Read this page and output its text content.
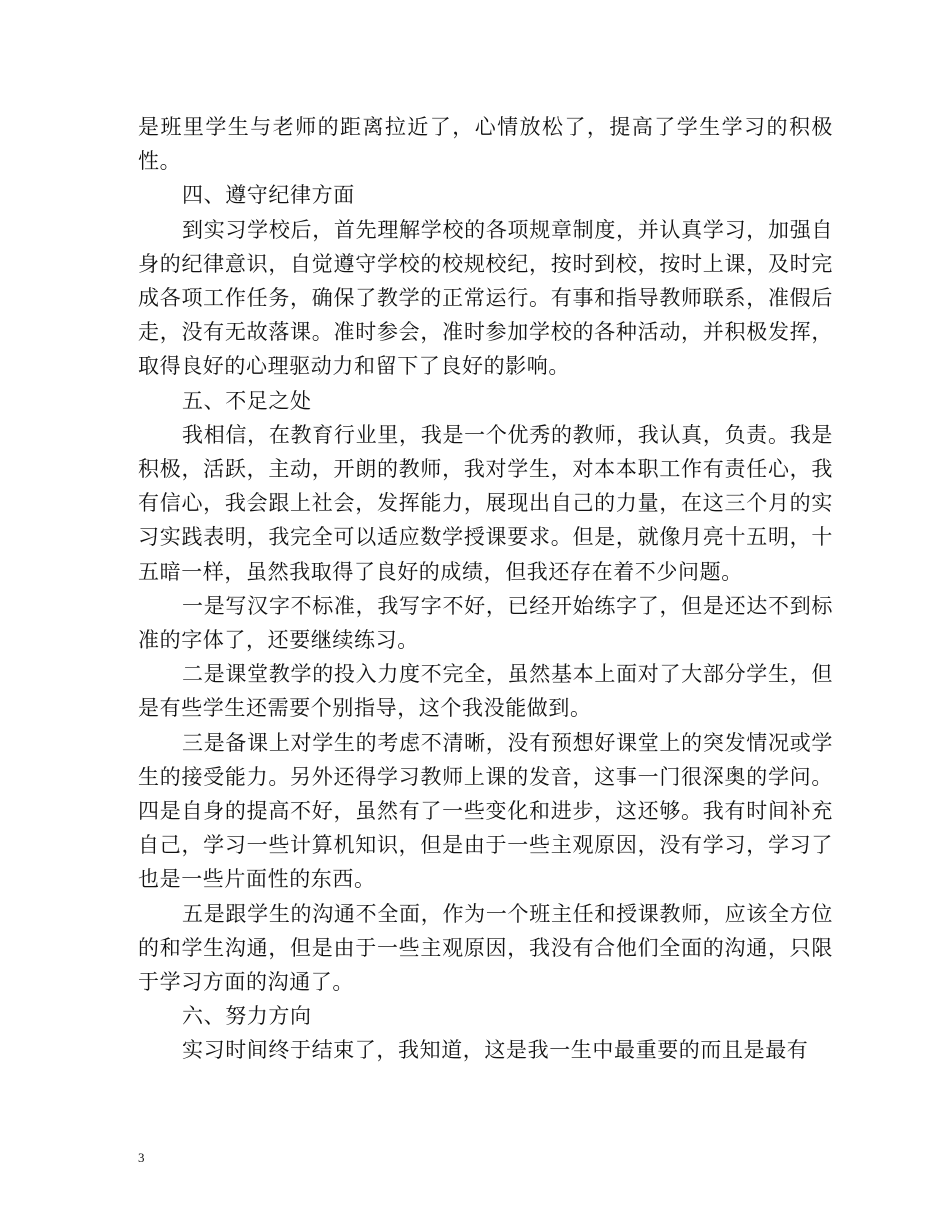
是班里学生与老师的距离拉近了，心情放松了，提高了学生学习的积极性。

四、遵守纪律方面

到实习学校后，首先理解学校的各项规章制度，并认真学习，加强自身的纪律意识，自觉遵守学校的校规校纪，按时到校，按时上课，及时完成各项工作任务，确保了教学的正常运行。有事和指导教师联系，准假后走，没有无故落课。准时参会，准时参加学校的各种活动，并积极发挥，取得良好的心理驱动力和留下了良好的影响。

五、不足之处

我相信，在教育行业里，我是一个优秀的教师，我认真，负责。我是积极，活跃，主动，开朗的教师，我对学生，对本本职工作有责任心，我有信心，我会跟上社会，发挥能力，展现出自己的力量，在这三个月的实习实践表明，我完全可以适应数学授课要求。但是，就像月亮十五明，十五暗一样，虽然我取得了良好的成绩，但我还存在着不少问题。

一是写汉字不标准，我写字不好，已经开始练字了，但是还达不到标准的字体了，还要继续练习。

二是课堂教学的投入力度不完全，虽然基本上面对了大部分学生，但是有些学生还需要个别指导，这个我没能做到。

三是备课上对学生的考虑不清晰，没有预想好课堂上的突发情况或学生的接受能力。另外还得学习教师上课的发音，这事一门很深奥的学问。四是自身的提高不好，虽然有了一些变化和进步，这还够。我有时间补充自己，学习一些计算机知识，但是由于一些主观原因，没有学习，学习了也是一些片面性的东西。

五是跟学生的沟通不全面，作为一个班主任和授课教师，应该全方位的和学生沟通，但是由于一些主观原因，我没有合他们全面的沟通，只限于学习方面的沟通了。

六、努力方向

实习时间终于结束了，我知道，这是我一生中最重要的而且是最有

3
